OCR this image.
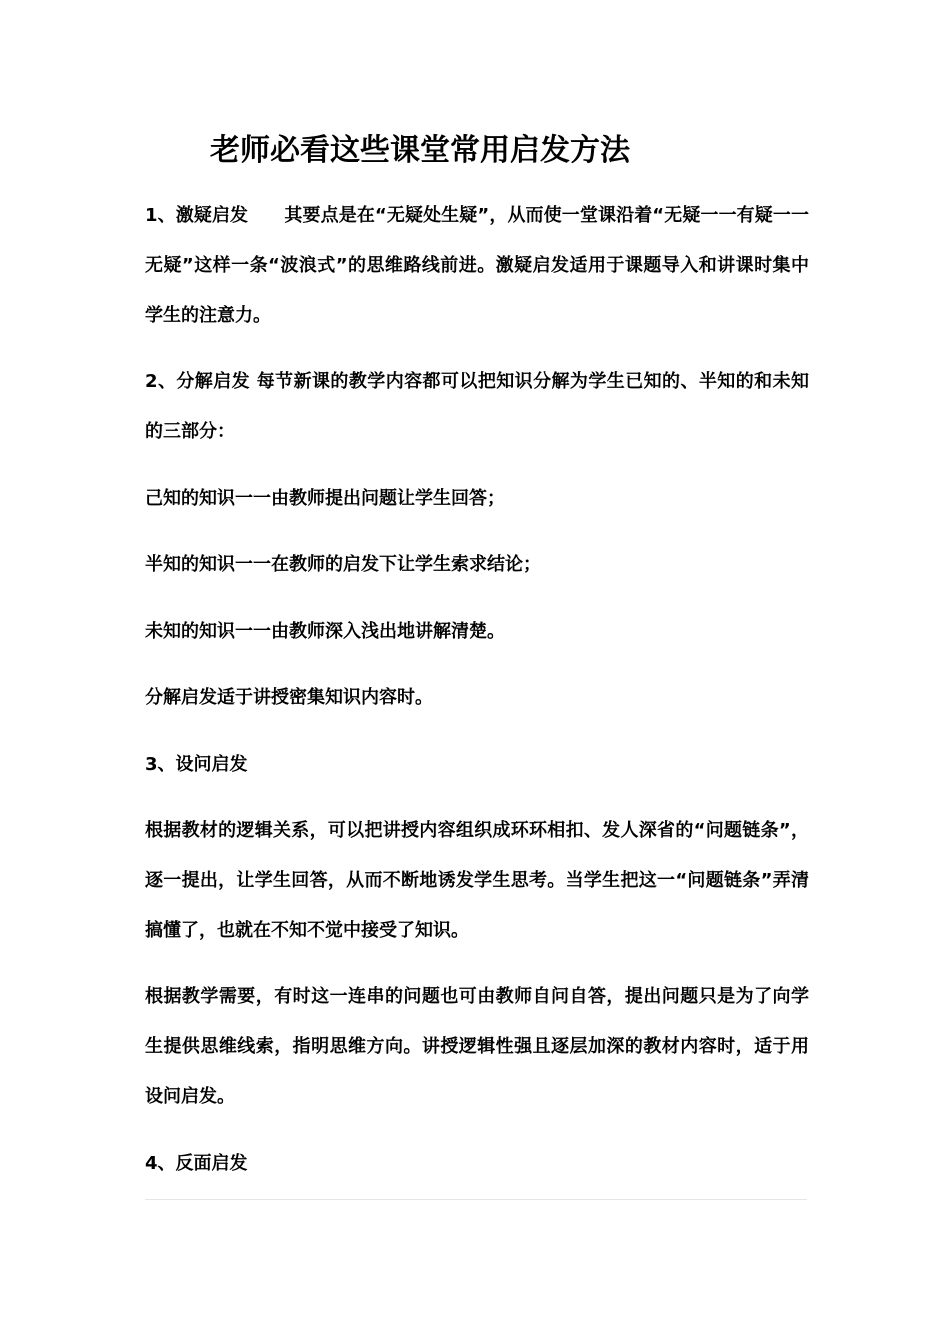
老师必看这些课堂常用启发方法

1、激疑启发　　其要点是在“无疑处生疑”，从而使一堂课沿着“无疑一一有疑一一无疑”这样一条“波浪式”的思维路线前进。激疑启发适用于课题导入和讲课时集中学生的注意力。

2、分解启发 每节新课的教学内容都可以把知识分解为学生已知的、半知的和未知的三部分：

己知的知识一一由教师提出问题让学生回答；

半知的知识一一在教师的启发下让学生索求结论；

未知的知识一一由教师深入浅出地讲解清楚。

分解启发适于讲授密集知识内容时。

3、设问启发

根据教材的逻辑关系，可以把讲授内容组织成环环相扣、发人深省的“问题链条”，逐一提出，让学生回答，从而不断地诱发学生思考。当学生把这一“问题链条”弄清搞懂了，也就在不知不觉中接受了知识。

根据教学需要，有时这一连串的问题也可由教师自问自答，提出问题只是为了向学生提供思维线索，指明思维方向。讲授逻辑性强且逐层加深的教材内容时，适于用设问启发。

4、反面启发
